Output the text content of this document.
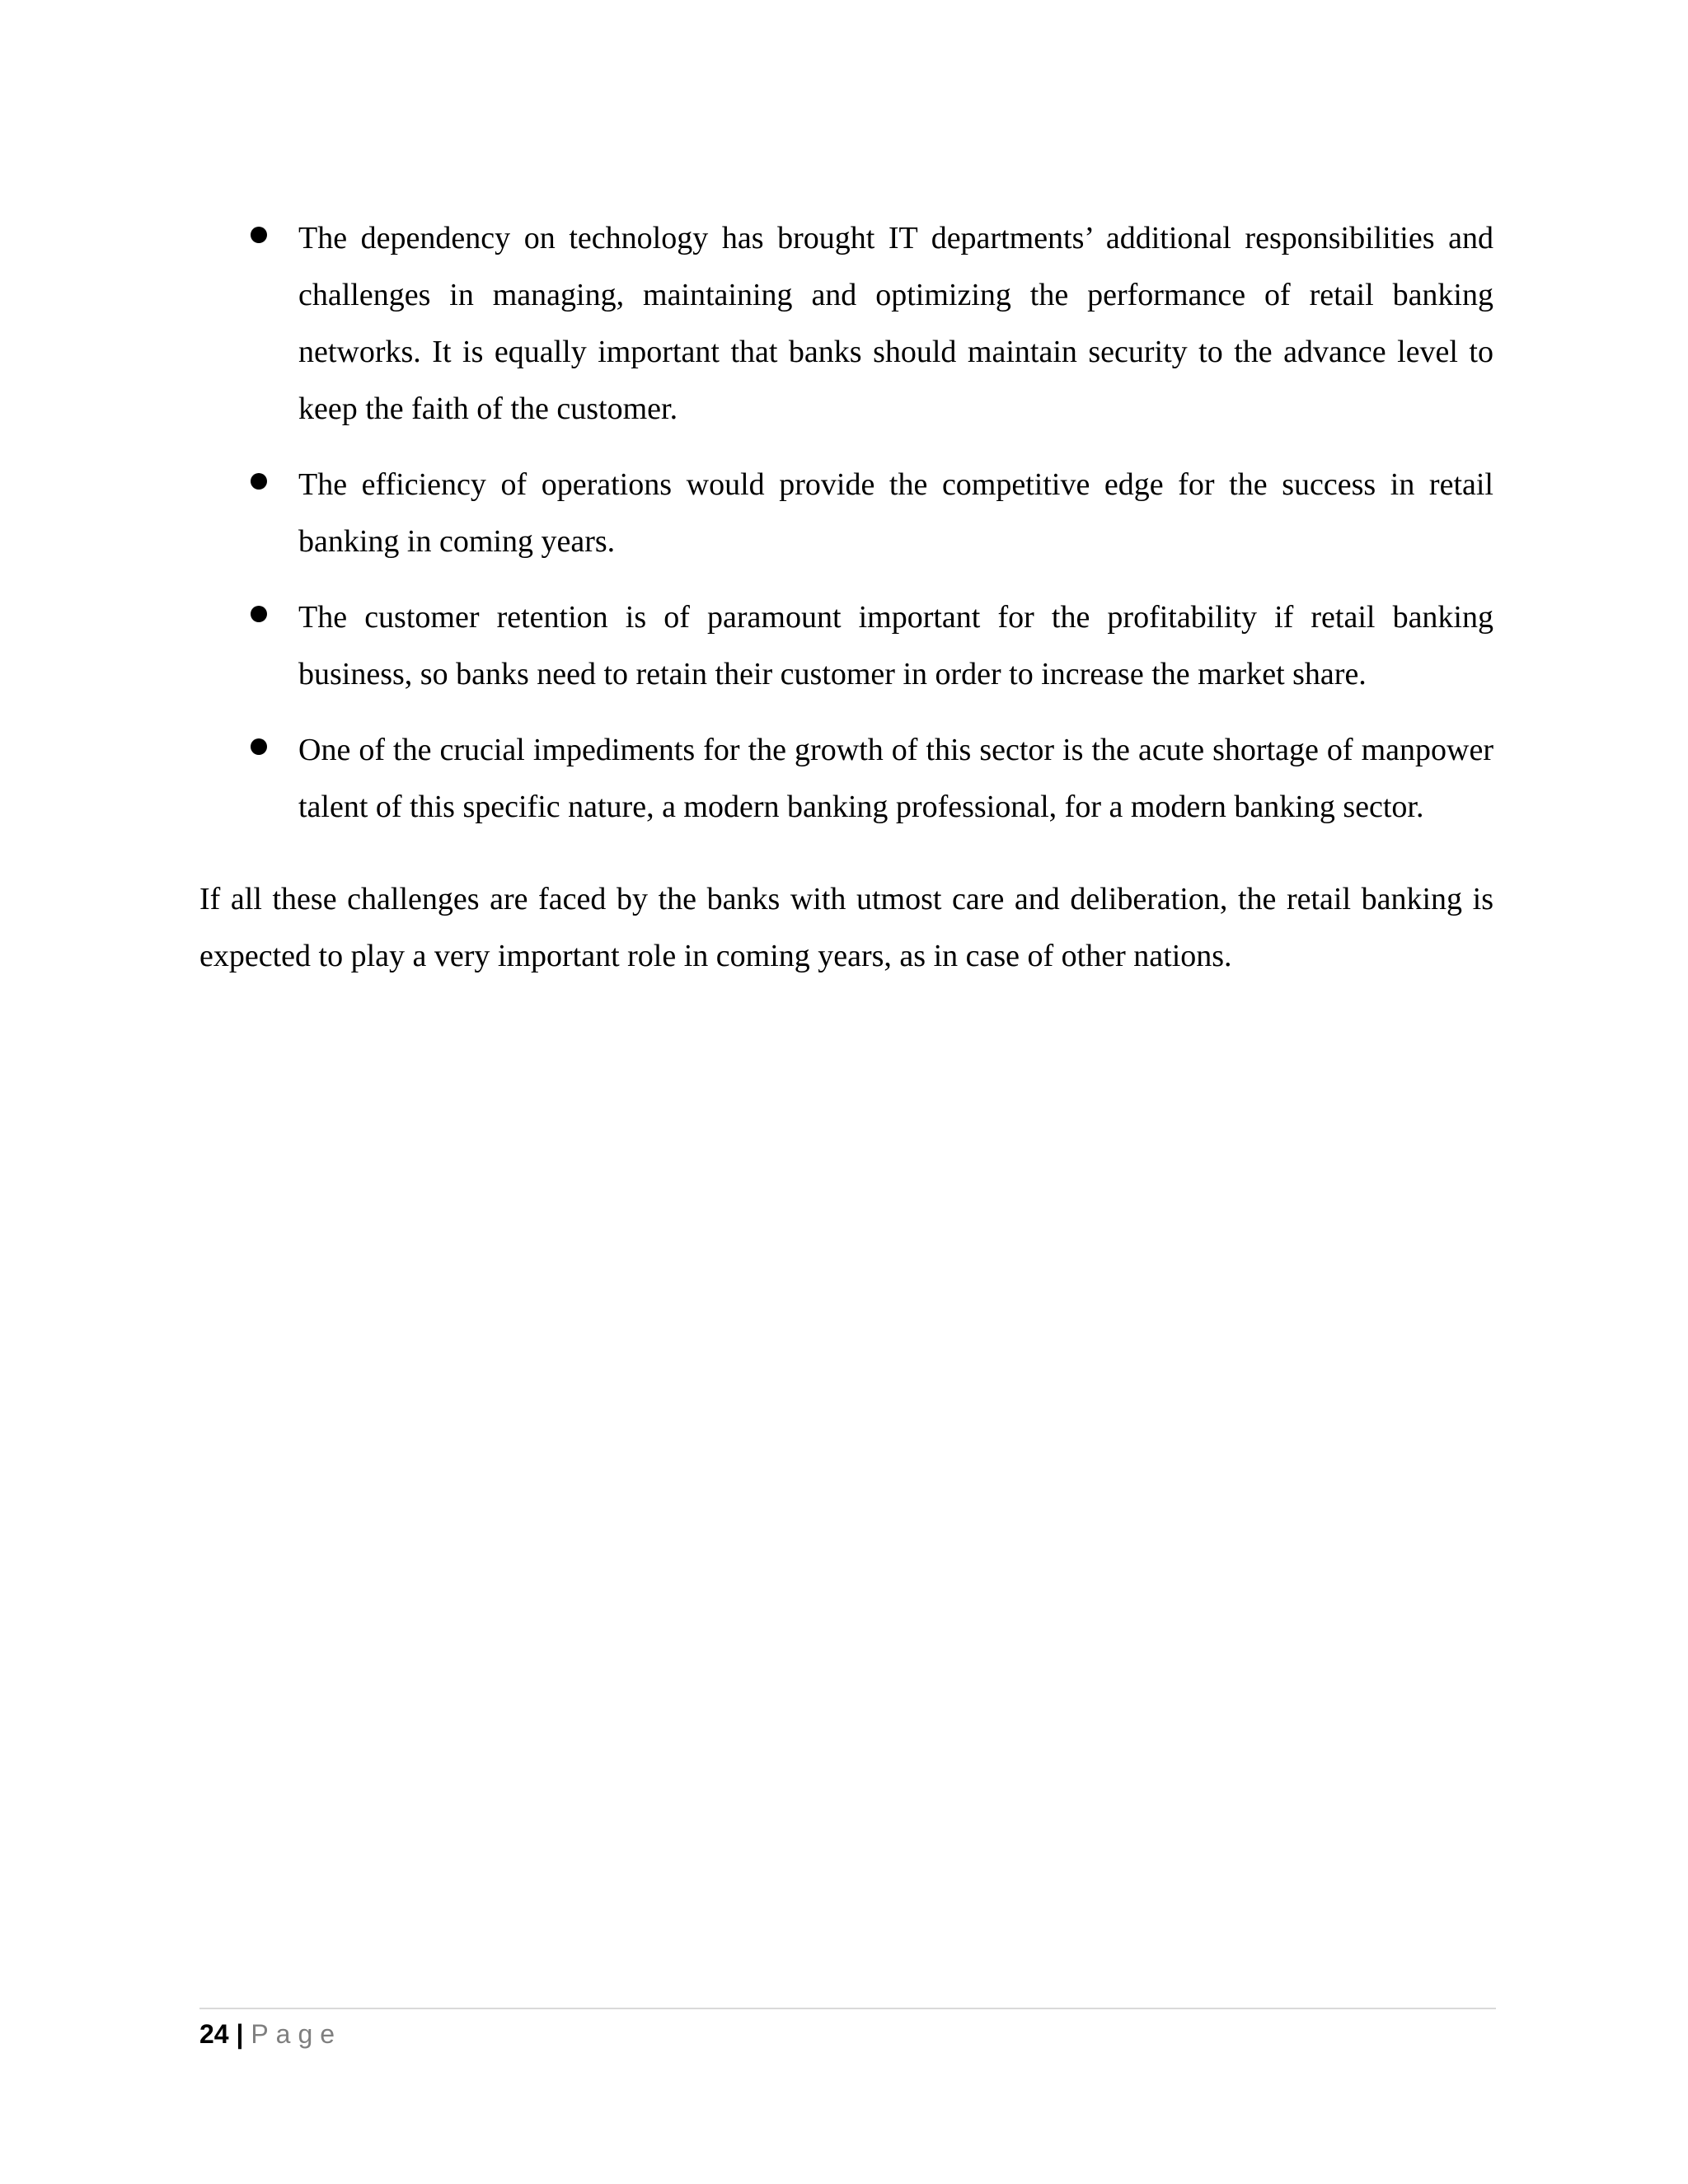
The dependency on technology has brought IT departments’ additional responsibilities and challenges in managing, maintaining and optimizing the performance of retail banking networks. It is equally important that banks should maintain security to the advance level to keep the faith of the customer.
The efficiency of operations would provide the competitive edge for the success in retail banking in coming years.
The customer retention is of paramount important for the profitability if retail banking business, so banks need to retain their customer in order to increase the market share.
One of the crucial impediments for the growth of this sector is the acute shortage of manpower talent of this specific nature, a modern banking professional, for a modern banking sector.

If all these challenges are faced by the banks with utmost care and deliberation, the retail banking is expected to play a very important role in coming years, as in case of other nations.

24 | Page
